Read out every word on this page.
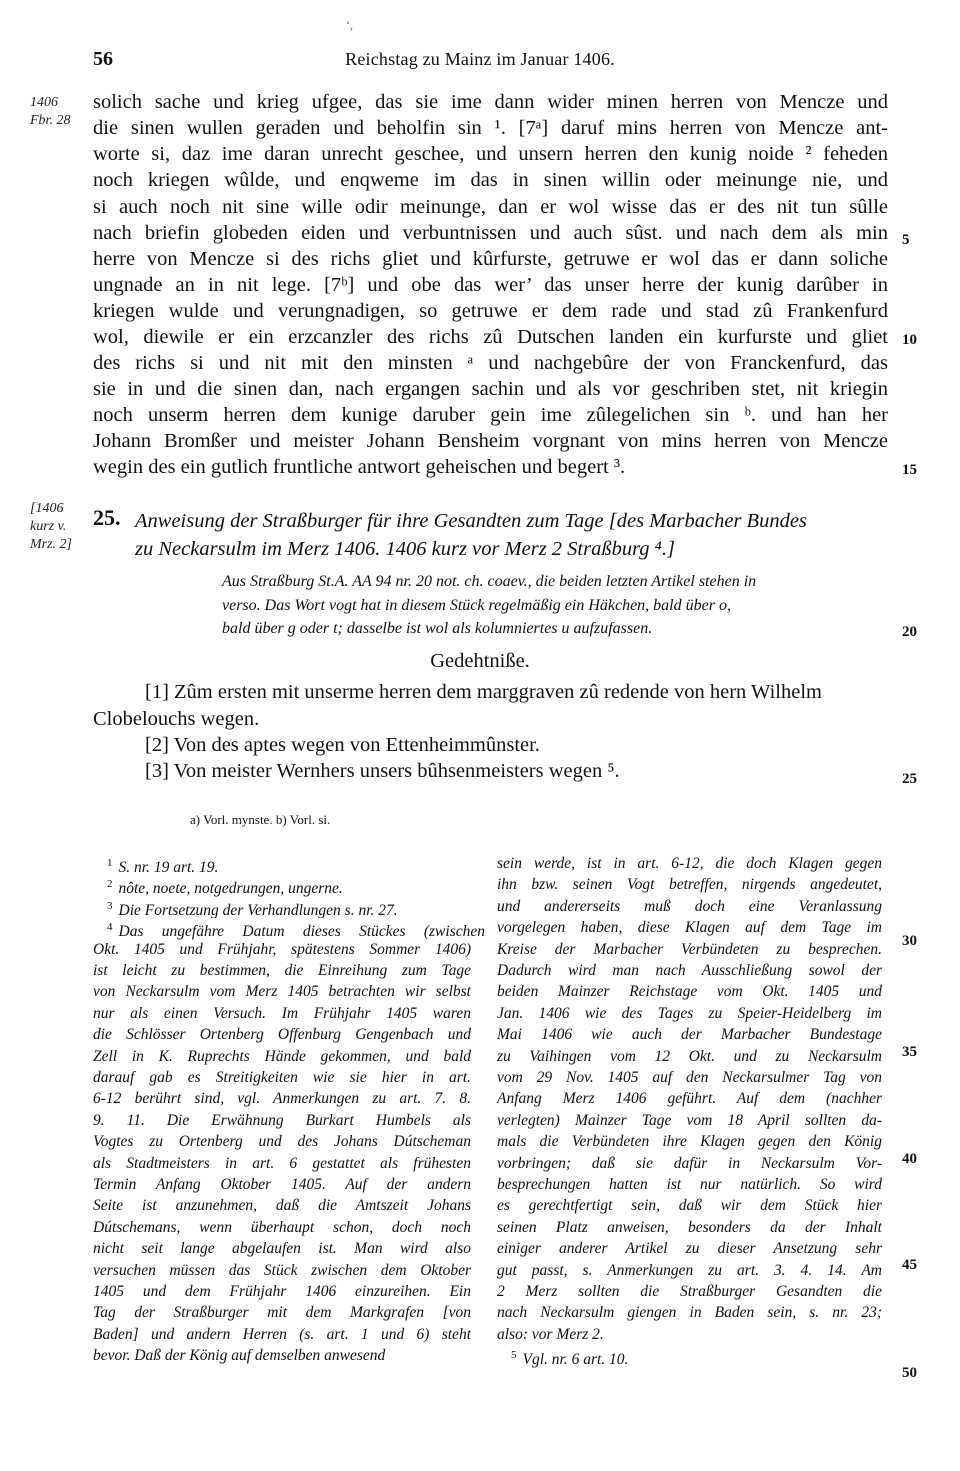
‘,
56	Reichstag zu Mainz im Januar 1406.
1406
Fbr. 28
[1406
kurz v.
Mrz. 2]
5
10
15
20
25
30
35
40
45
50
solich sache und krieg ufgee, das sie ime dann wider minen herren von Mencze und
die sinen wullen geraden und beholfin sin ¹. [7ᵃ] daruf mins herren von Mencze ant-
worte si, daz ime daran unrecht geschee, und unsern herren den kunig noide ² feheden
noch kriegen wûlde, und enqweme im das in sinen willin oder meinunge nie, und
si auch noch nit sine wille odir meinunge, dan er wol wisse das er des nit tun sûlle
nach briefin globeden eiden und verbuntnissen und auch sûst. und nach dem als min
herre von Mencze si des richs gliet und kûrfurste, getruwe er wol das er dann soliche
ungnade an in nit lege. [7ᵇ] und obe das wer’ das unser herre der kunig darûber in
kriegen wulde und verungnadigen, so getruwe er dem rade und stad zû Frankenfurd
wol, diewile er ein erzcanzler des richs zû Dutschen landen ein kurfurste und gliet
des richs si und nit mit den minsten ᵃ und nachgebûre der von Franckenfurd, das
sie in und die sinen dan, nach ergangen sachin und als vor geschriben stet, nit kriegin
noch unserm herren dem kunige daruber gein ime zûlegelichen sin ᵇ. und han her
Johann Bromßer und meister Johann Bensheim vorgnant von mins herren von Mencze
wegin des ein gutlich fruntliche antwort geheischen und begert ³.
25. Anweisung der Straßburger für ihre Gesandten zum Tage [des Marbacher Bundes
zu Neckarsulm im Merz 1406. 1406 kurz vor Merz 2 Straßburg ⁴.]
Aus Straßburg St.A. AA 94 nr. 20 not. ch. coaev., die beiden letzten Artikel stehen in
verso. Das Wort vogt hat in diesem Stück regelmäßig ein Häkchen, bald über o,
bald über g oder t; dasselbe ist wol als kolumniertes u aufzufassen.
Gedehtniße.
[1] Zûm ersten mit unserme herren dem marggraven zû redende von hern Wilhelm
Clobelouchs wegen.
[2] Von des aptes wegen von Ettenheimmûnster.
[3] Von meister Wernhers unsers bûhsenmeisters wegen ⁵.
a) Vorl. mynste. b) Vorl. si.
$^1$ S. nr. 19 art. 19.
$^2$ nôte, noete, notgedrungen, ungerne.
$^3$ Die Fortsetzung der Verhandlungen s. nr. 27.
$^4$ Das ungefähre Datum dieses Stückes (zwischen
Okt. 1405 und Frühjahr, spätestens Sommer 1406)
ist leicht zu bestimmen, die Einreihung zum Tage
von Neckarsulm vom Merz 1405 betrachten wir selbst
nur als einen Versuch. Im Frühjahr 1405 waren
die Schlösser Ortenberg Offenburg Gengenbach und
Zell in K. Ruprechts Hände gekommen, und bald
darauf gab es Streitigkeiten wie sie hier in art.
6-12 berührt sind, vgl. Anmerkungen zu art. 7. 8.
9. 11. Die Erwähnung Burkart Humbels als
Vogtes zu Ortenberg und des Johans Dútscheman
als Stadtmeisters in art. 6 gestattet als frühesten
Termin Anfang Oktober 1405. Auf der andern
Seite ist anzunehmen, daß die Amtszeit Johans
Dútschemans, wenn überhaupt schon, doch noch
nicht seit lange abgelaufen ist. Man wird also
versuchen müssen das Stück zwischen dem Oktober
1405 und dem Frühjahr 1406 einzureihen. Ein
Tag der Straßburger mit dem Markgrafen [von
Baden] und andern Herren (s. art. 1 und 6) steht
bevor. Daß der König auf demselben anwesend
sein werde, ist in art. 6-12, die doch Klagen gegen
ihn bzw. seinen Vogt betreffen, nirgends angedeutet,
und andererseits muß doch eine Veranlassung
vorgelegen haben, diese Klagen auf dem Tage im
Kreise der Marbacher Verbündeten zu besprechen.
Dadurch wird man nach Ausschließung sowol der
beiden Mainzer Reichstage vom Okt. 1405 und
Jan. 1406 wie des Tages zu Speier-Heidelberg im
Mai 1406 wie auch der Marbacher Bundestage
zu Vaihingen vom 12 Okt. und zu Neckarsulm
vom 29 Nov. 1405 auf den Neckarsulmer Tag von
Anfang Merz 1406 geführt. Auf dem (nachher
verlegten) Mainzer Tage vom 18 April sollten da-
mals die Verbündeten ihre Klagen gegen den König
vorbringen; daß sie dafür in Neckarsulm Vor-
besprechungen hatten ist nur natürlich. So wird
es gerechtfertigt sein, daß wir dem Stück hier
seinen Platz anweisen, besonders da der Inhalt
einiger anderer Artikel zu dieser Ansetzung sehr
gut passt, s. Anmerkungen zu art. 3. 4. 14. Am
2 Merz sollten die Straßburger Gesandten die
nach Neckarsulm giengen in Baden sein, s. nr. 23;
also: vor Merz 2.
$^5$ Vgl. nr. 6 art. 10.
